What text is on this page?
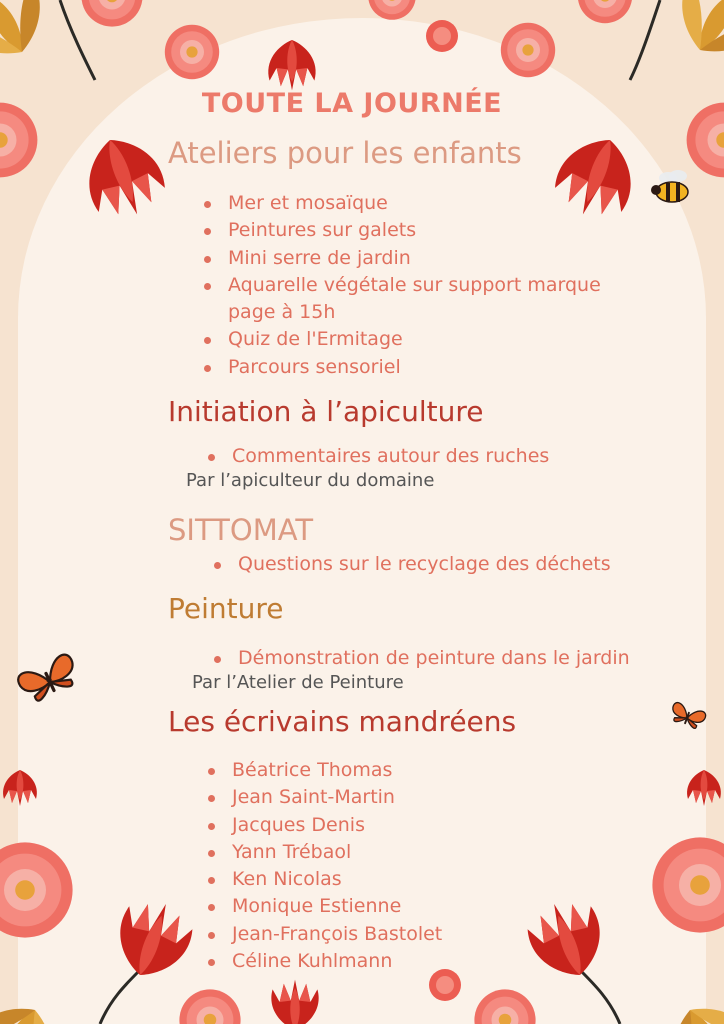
TOUTE LA JOURNÉE
Ateliers pour les enfants
Mer et mosaïque
Peintures sur galets
Mini serre de jardin
Aquarelle végétale sur support marque
page à 15h
Quiz de l'Ermitage
Parcours sensoriel
Initiation à l’apiculture
Commentaires autour des ruches
Par l’apiculteur du domaine
SITTOMAT
Questions sur le recyclage des déchets
Peinture
Démonstration de peinture dans le jardin
Par l’Atelier de Peinture
Les écrivains mandréens
Béatrice Thomas
Jean Saint-Martin
Jacques Denis
Yann Trébaol
Ken Nicolas
Monique Estienne
Jean-François Bastolet
Céline Kuhlmann
